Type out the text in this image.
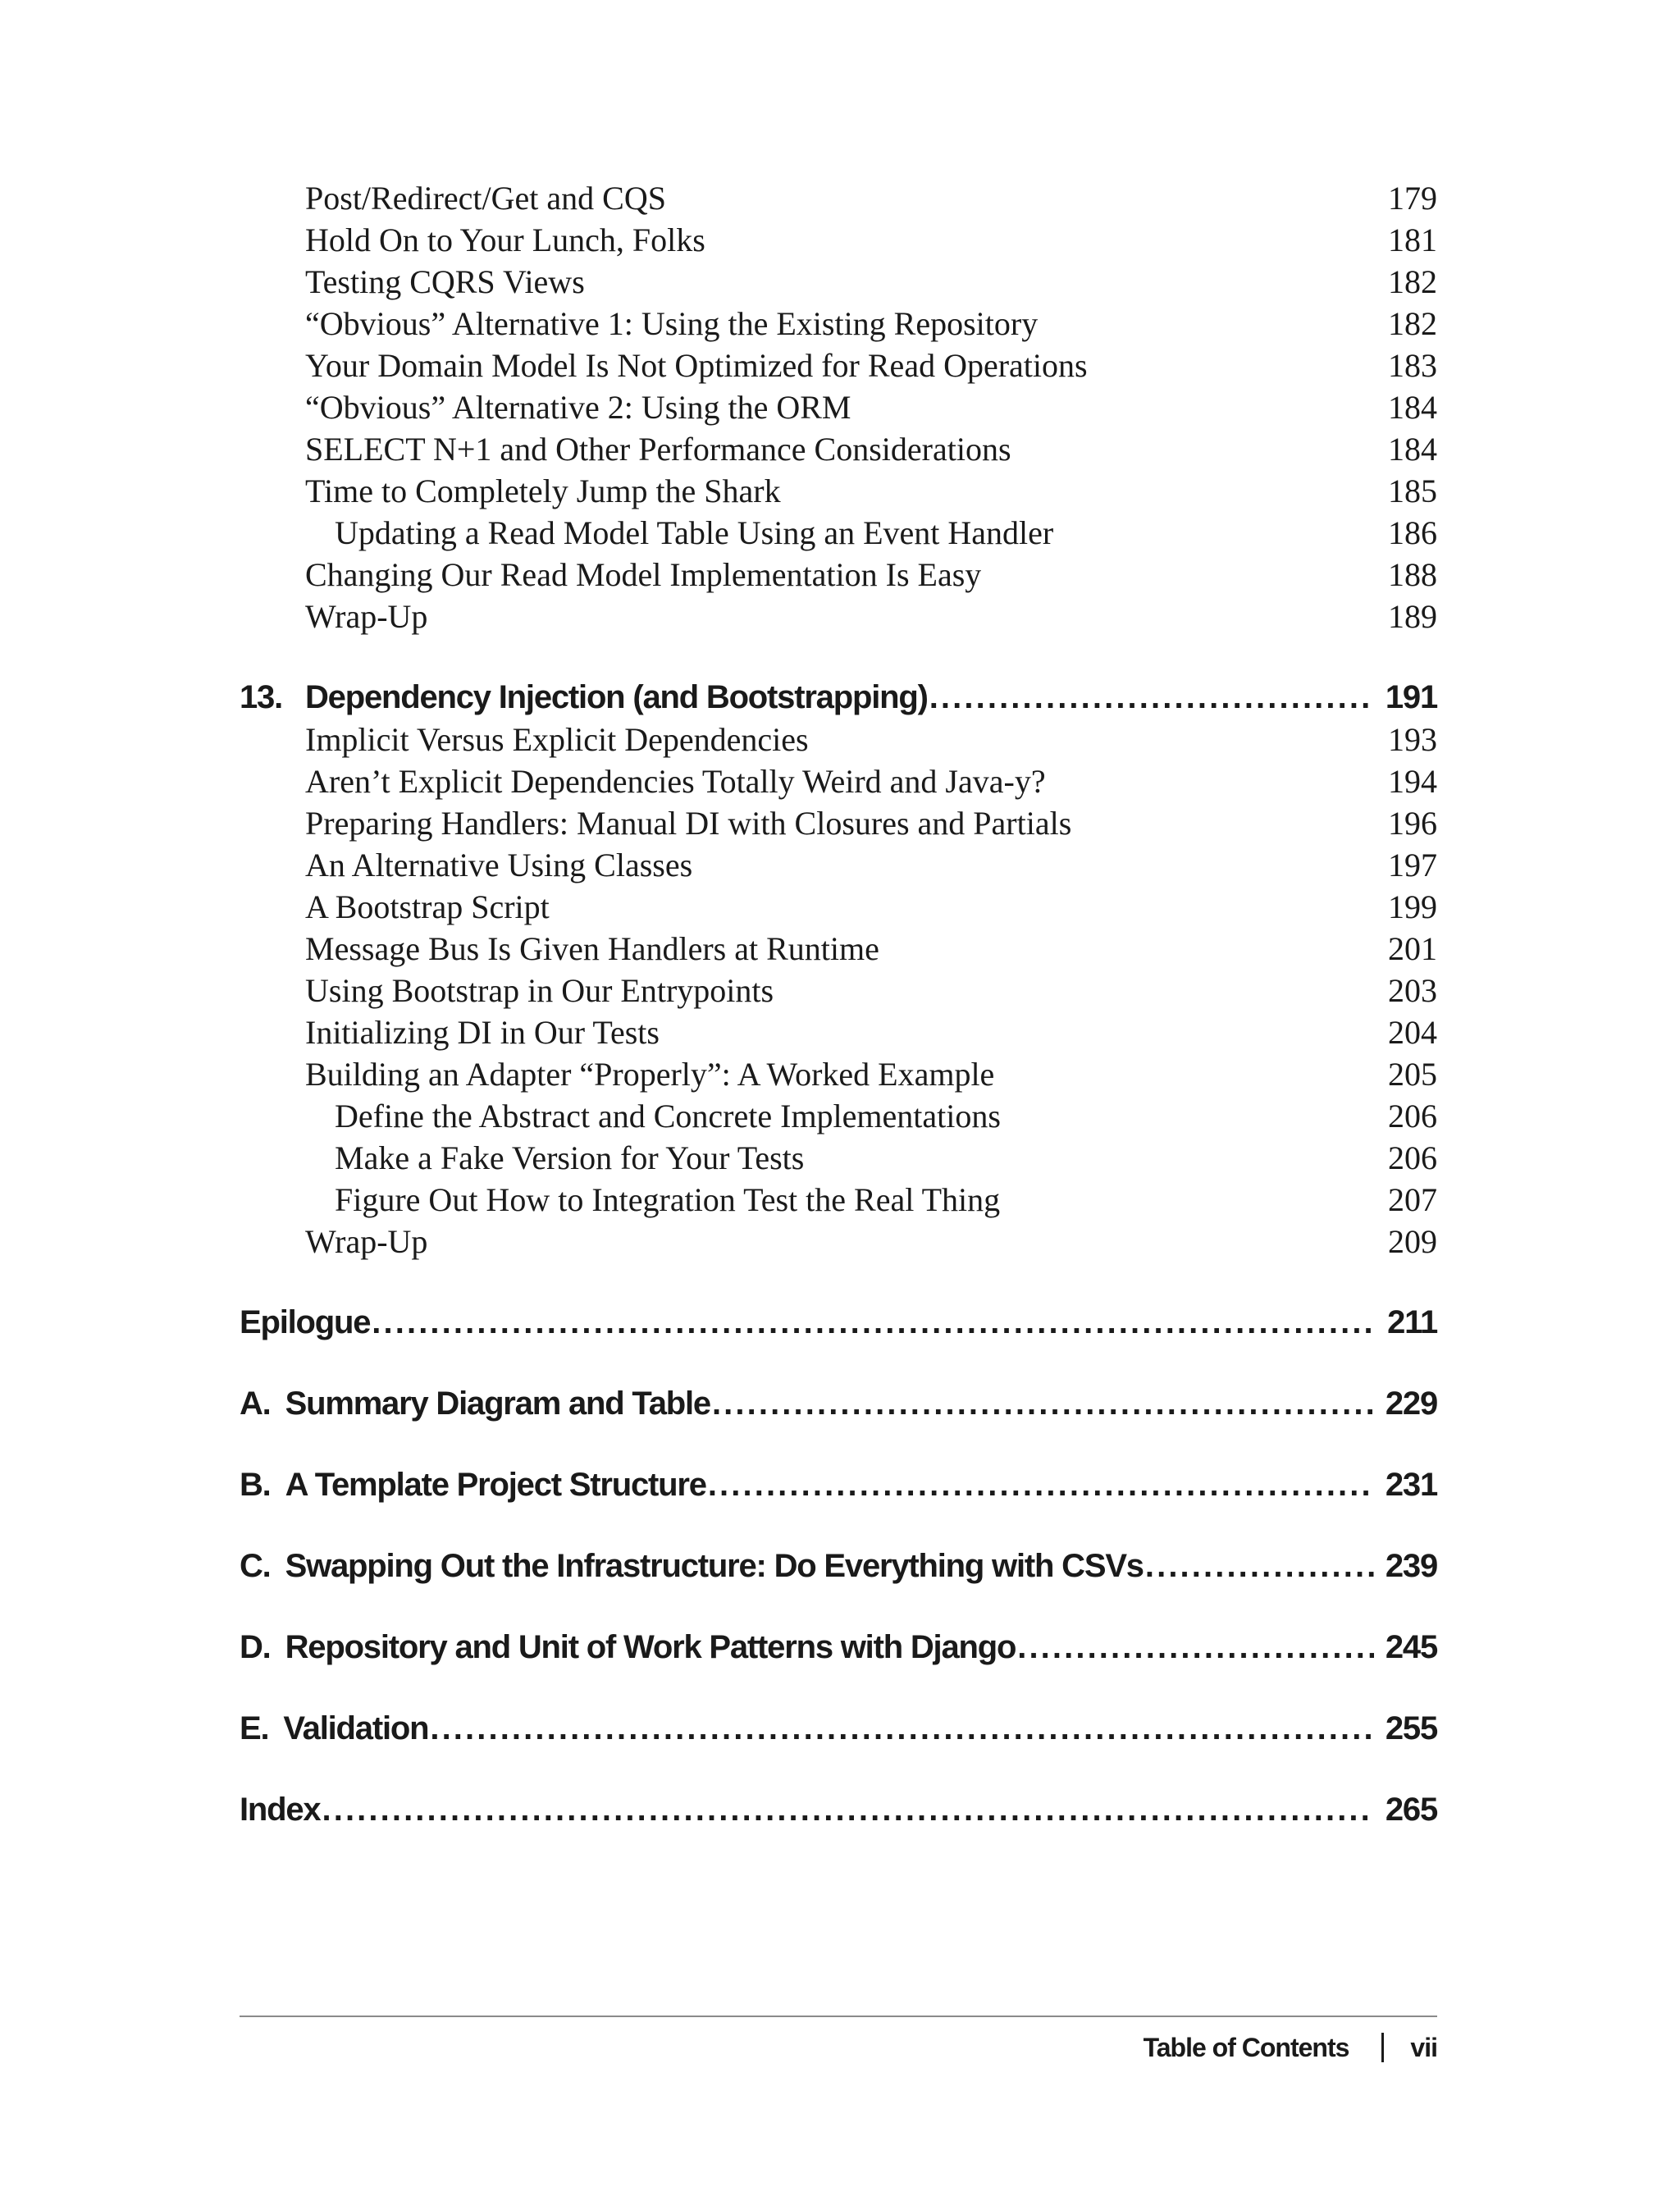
Post/Redirect/Get and CQS	179
Hold On to Your Lunch, Folks	181
Testing CQRS Views	182
“Obvious” Alternative 1: Using the Existing Repository	182
Your Domain Model Is Not Optimized for Read Operations	183
“Obvious” Alternative 2: Using the ORM	184
SELECT N+1 and Other Performance Considerations	184
Time to Completely Jump the Shark	185
Updating a Read Model Table Using an Event Handler	186
Changing Our Read Model Implementation Is Easy	188
Wrap-Up	189
13. Dependency Injection (and Bootstrapping) . . .	191
Implicit Versus Explicit Dependencies	193
Aren’t Explicit Dependencies Totally Weird and Java-y?	194
Preparing Handlers: Manual DI with Closures and Partials	196
An Alternative Using Classes	197
A Bootstrap Script	199
Message Bus Is Given Handlers at Runtime	201
Using Bootstrap in Our Entrypoints	203
Initializing DI in Our Tests	204
Building an Adapter “Properly”: A Worked Example	205
Define the Abstract and Concrete Implementations	206
Make a Fake Version for Your Tests	206
Figure Out How to Integration Test the Real Thing	207
Wrap-Up	209
Epilogue . . .	211
A. Summary Diagram and Table . . .	229
B. A Template Project Structure . . .	231
C. Swapping Out the Infrastructure: Do Everything with CSVs . . .	239
D. Repository and Unit of Work Patterns with Django . . .	245
E. Validation . . .	255
Index . . .	265
Table of Contents vii
